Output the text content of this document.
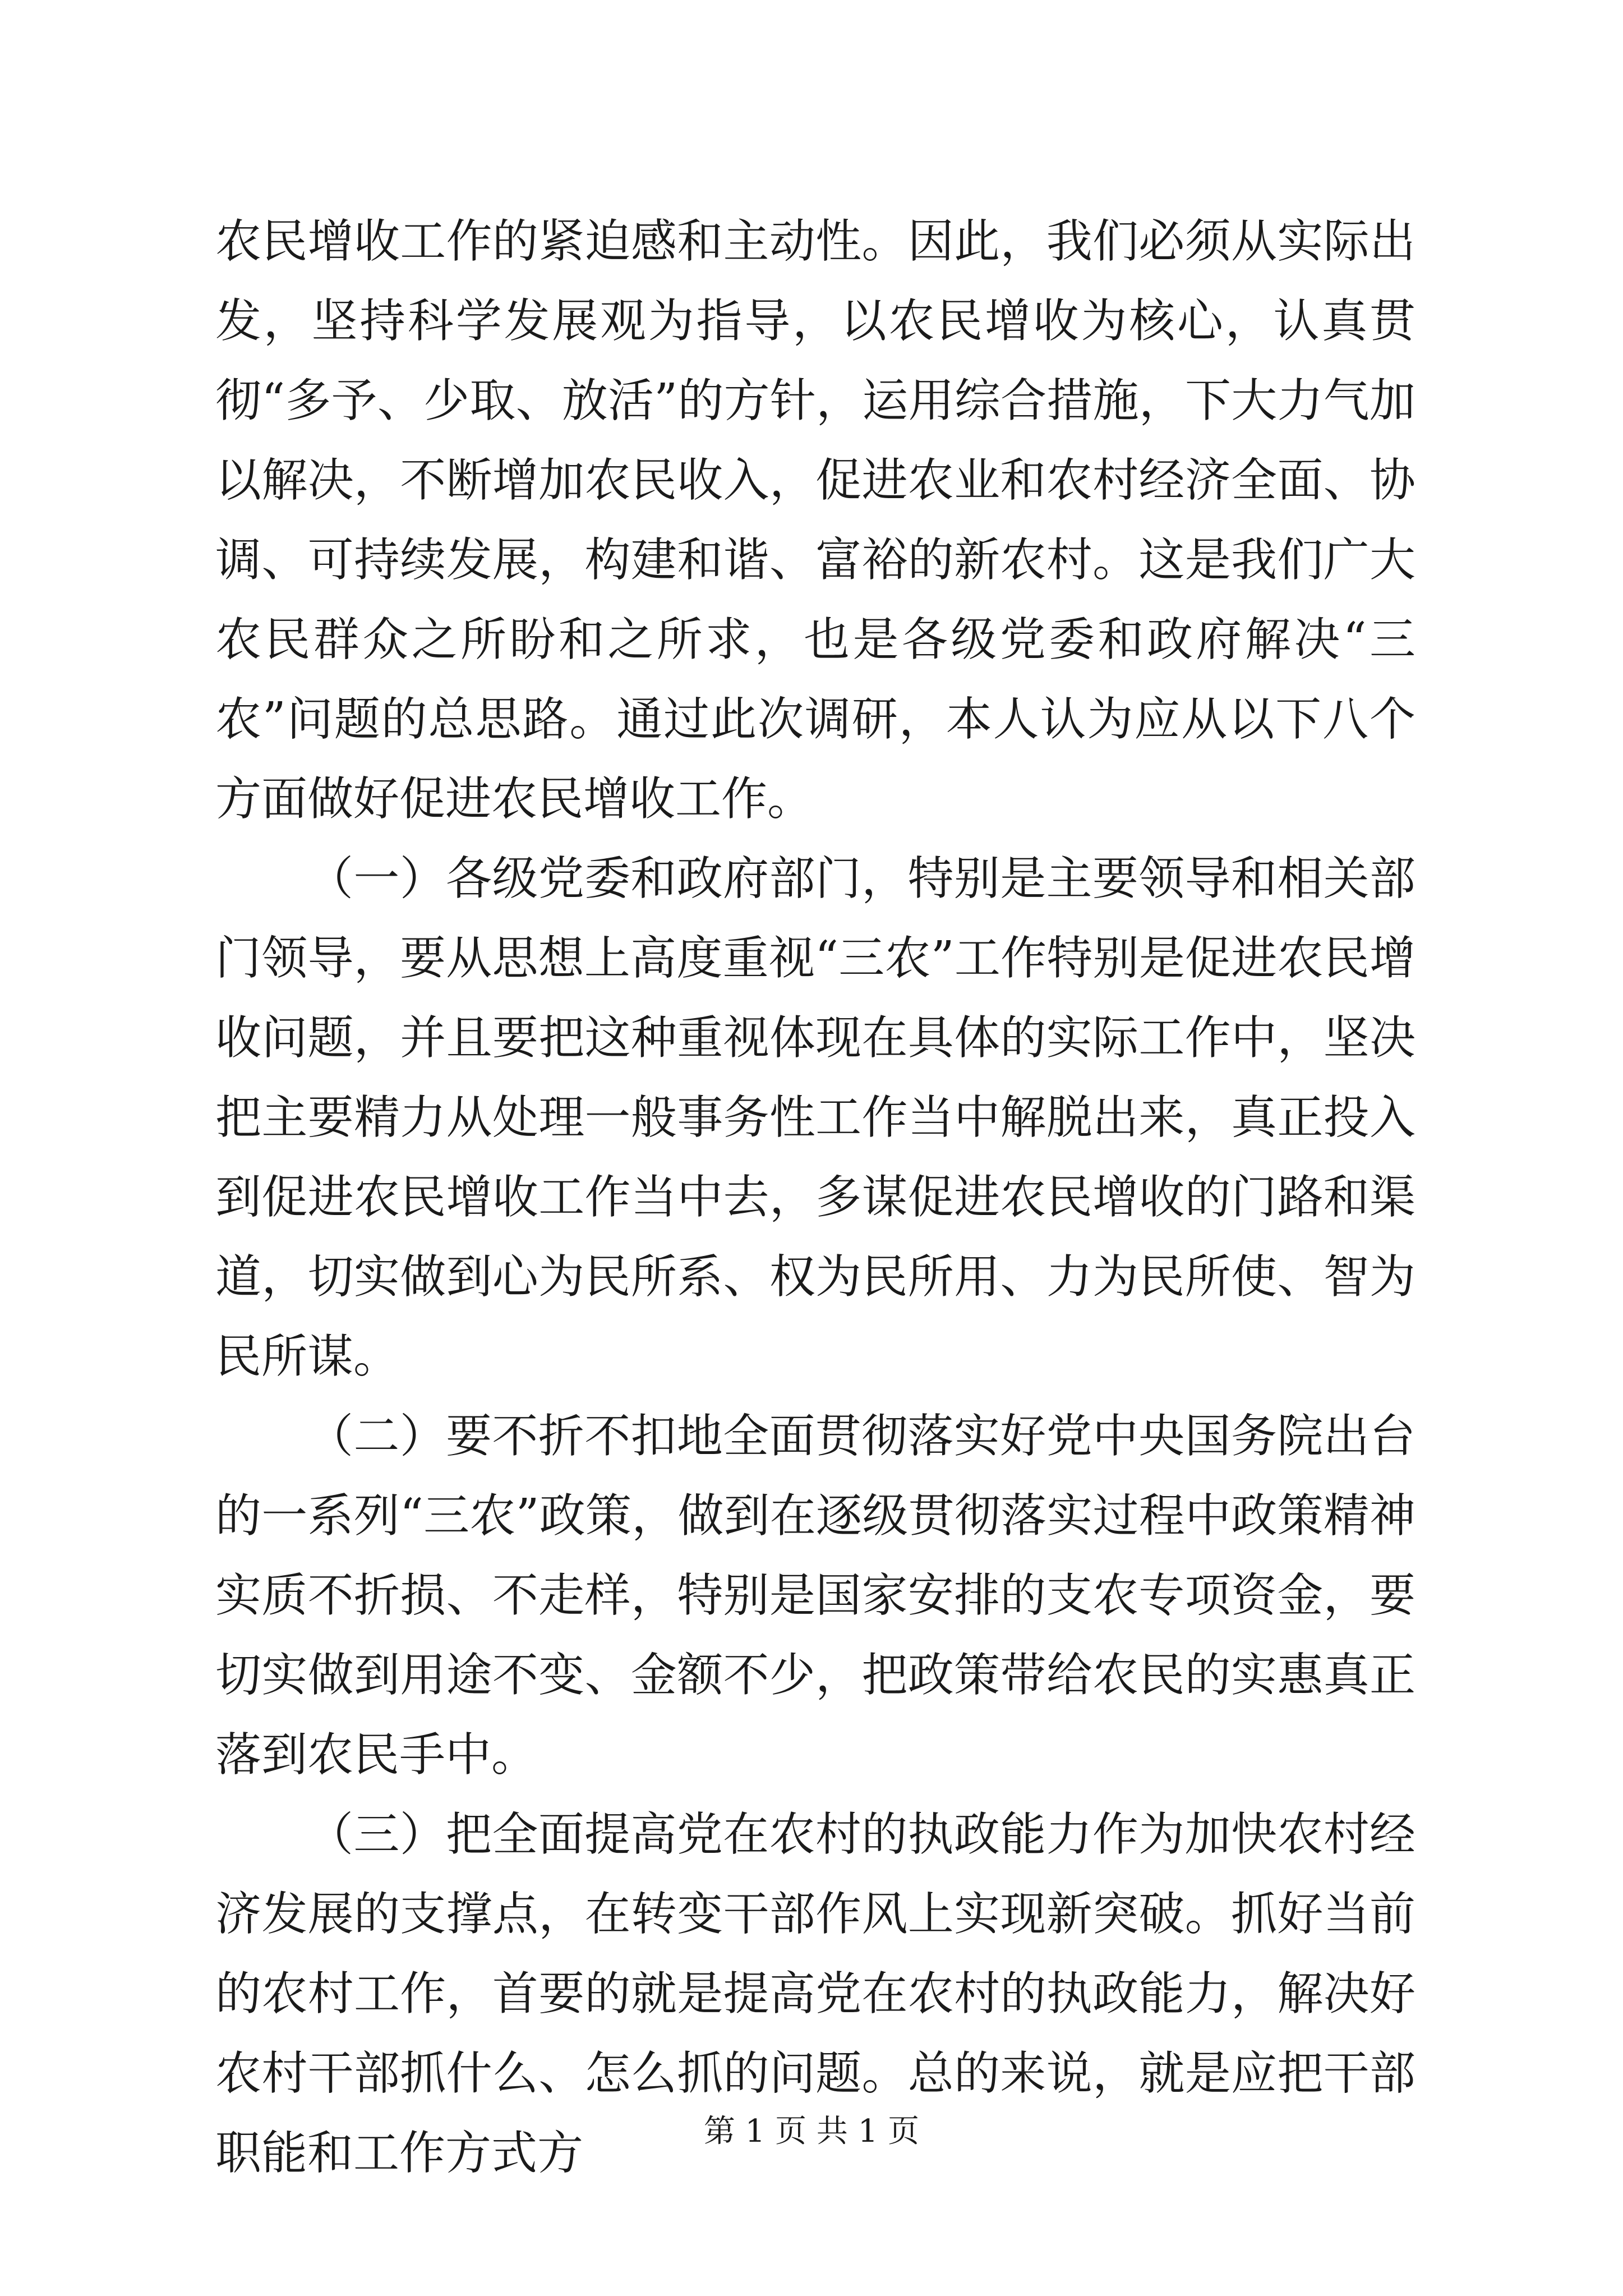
农民增收工作的紧迫感和主动性。因此，我们必须从实际出发，坚持科学发展观为指导，以农民增收为核心，认真贯彻“多予、少取、放活”的方针，运用综合措施，下大力气加以解决，不断增加农民收入，促进农业和农村经济全面、协调、可持续发展，构建和谐、富裕的新农村。这是我们广大农民群众之所盼和之所求，也是各级党委和政府解决“三农”问题的总思路。通过此次调研，本人认为应从以下八个方面做好促进农民增收工作。

（一）各级党委和政府部门，特别是主要领导和相关部门领导，要从思想上高度重视“三农”工作特别是促进农民增收问题，并且要把这种重视体现在具体的实际工作中，坚决把主要精力从处理一般事务性工作当中解脱出来，真正投入到促进农民增收工作当中去，多谋促进农民增收的门路和渠道，切实做到心为民所系、权为民所用、力为民所使、智为民所谋。

（二）要不折不扣地全面贯彻落实好党中央国务院出台的一系列“三农”政策，做到在逐级贯彻落实过程中政策精神实质不折损、不走样，特别是国家安排的支农专项资金，要切实做到用途不变、金额不少，把政策带给农民的实惠真正落到农民手中。

（三）把全面提高党在农村的执政能力作为加快农村经济发展的支撑点，在转变干部作风上实现新突破。抓好当前的农村工作，首要的就是提高党在农村的执政能力，解决好农村干部抓什么、怎么抓的问题。总的来说，就是应把干部职能和工作方式方	第 1 页 共 1 页
